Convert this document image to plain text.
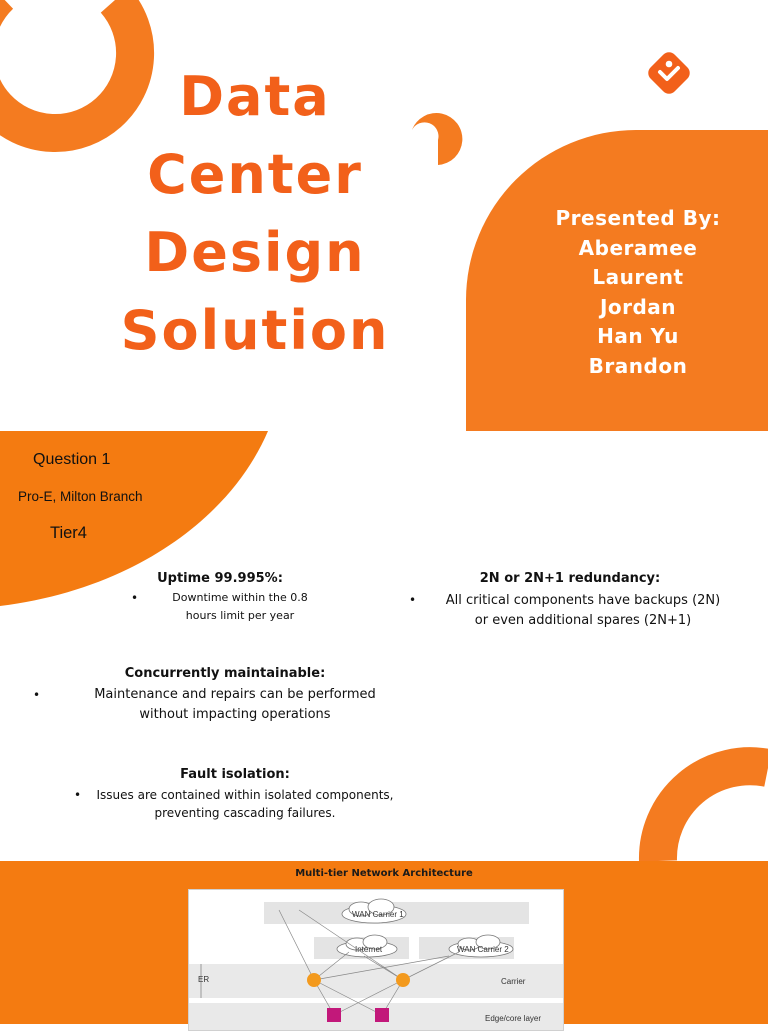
Data
Center
Design
Solution
Presented By:
Aberamee
Laurent
Jordan
Han Yu
Brandon
Question 1
Pro-E, Milton Branch
Tier4
Uptime 99.995%:
•	Downtime within the 0.8
hours limit per year
2N or 2N+1 redundancy:
•	All critical components have backups (2N)
or even additional spares (2N+1)
Concurrently maintainable:
•	Maintenance and repairs can be performed
without impacting operations
Fault isolation:
•	Issues are contained within isolated components,
preventing cascading failures.
Multi-tier Network Architecture
WAN Carrier 1
Internet	WAN Carrier 2
ER	Carrier
Edge/core layer
